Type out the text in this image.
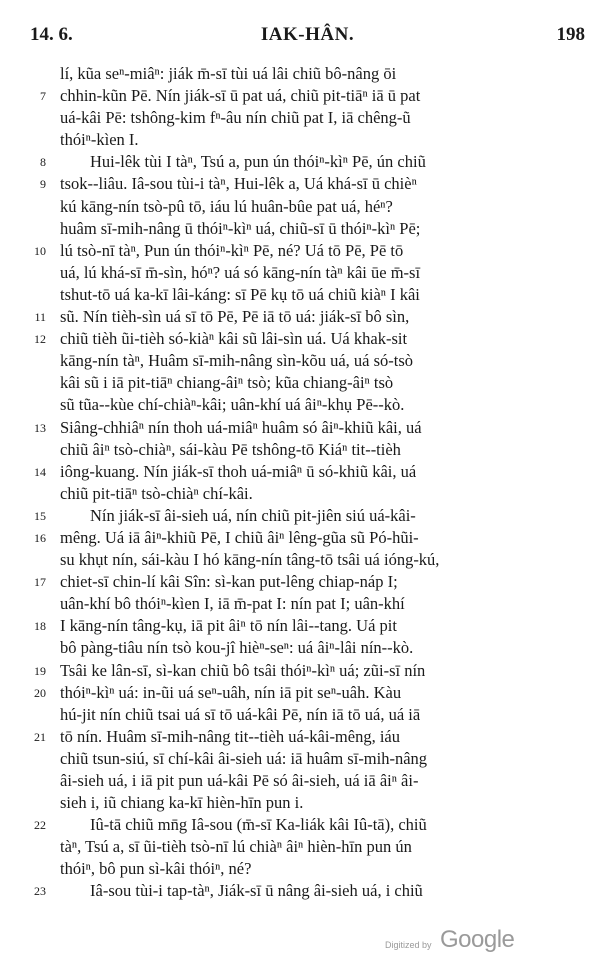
14. 6.	IAK-HÂN.	198
lí, kũa seⁿ-miâⁿ: jiák m̄-sī tùi uá lâi chiũ bô-nâng ōi
7 chhin-kũn Pē. Nín jiák-sī ū pat uá, chiũ pit-tiāⁿ iā ū pat
uá-kâi Pē: tshông-kim fⁿ-âu nín chiũ pat I, iā chêng-ũ
thóiⁿ-kìen I.
8	Hui-lêk tùi I tàⁿ, Tsú a, pun ún thóiⁿ-kìⁿ Pē, ún chiũ
9 tsok--liâu. Iâ-sou tùi-i tàⁿ, Hui-lêk a, Uá khá-sī ū chièⁿ
kú kāng-nín tsò-pû tō, iáu lú huân-bûe pat uá, héⁿ?
huâm sī-mih-nâng ū thóiⁿ-kìⁿ uá, chiũ-sī ū thóiⁿ-kìⁿ Pē;
10 lú tsò-nī tàⁿ, Pun ún thóiⁿ-kìⁿ Pē, né? Uá tō Pē, Pē tō
uá, lú khá-sī m̄-sìn, hóⁿ? uá só kāng-nín tàⁿ kâi ūe m̄-sī
tshut-tō uá ka-kī lâi-káng: sī Pē kụ tō uá chiũ kiàⁿ I kâi
11 sũ. Nín tièh-sìn uá sī tō Pē, Pē iā tō uá: jiák-sī bô sìn,
12 chiũ tièh ũi-tièh só-kiàⁿ kâi sũ lâi-sìn uá. Uá khak-sit
kāng-nín tàⁿ, Huâm sī-mih-nâng sìn-kõu uá, uá só-tsò
kâi sũ i iā pit-tiāⁿ chiang-âiⁿ tsò; kũa chiang-âiⁿ tsò
sũ tũa--kùe chí-chiàⁿ-kâi; uân-khí uá âiⁿ-khụ Pē--kò.
13 Siâng-chhiâⁿ nín thoh uá-miâⁿ huâm só âiⁿ-khiũ kâi, uá
chiũ âiⁿ tsò-chiàⁿ, sái-kàu Pē tshông-tō Kiáⁿ tit--tièh
14 iông-kuang. Nín jiák-sī thoh uá-miâⁿ ū só-khiũ kâi, uá
chiũ pit-tiāⁿ tsò-chiàⁿ chí-kâi.
15	Nín jiák-sī âi-sieh uá, nín chiũ pit-jiên siú uá-kâi-
16 mêng. Uá iā âiⁿ-khiũ Pē, I chiũ âiⁿ lêng-gũa sũ Pó-hũi-
su khụt nín, sái-kàu I hó kāng-nín tâng-tō tsâi uá ióng-kú,
17 chiet-sī chin-lí kâi Sîn: sì-kan put-lêng chiap-náp I;
uân-khí bô thóiⁿ-kìen I, iā m̄-pat I: nín pat I; uân-khí
18 I kāng-nín tâng-kụ, iā pit âiⁿ tō nín lâi--tang. Uá pit
bô pàng-tiâu nín tsò kou-jî hièⁿ-seⁿ: uá âiⁿ-lâi nín--kò.
19 Tsâi ke lân-sī, sì-kan chiũ bô tsâi thóiⁿ-kìⁿ uá; zũi-sī nín
20 thóiⁿ-kìⁿ uá: in-ũi uá seⁿ-uâh, nín iā pit seⁿ-uâh. Kàu
hú-jit nín chiũ tsai uá sī tō uá-kâi Pē, nín iā tō uá, uá iā
21 tō nín. Huâm sī-mih-nâng tit--tièh uá-kâi-mêng, iáu
chiũ tsun-siú, sī chí-kâi âi-sieh uá: iā huâm sī-mih-nâng
âi-sieh uá, i iā pit pun uá-kâi Pē só âi-sieh, uá iā âiⁿ âi-
sieh i, iũ chiang ka-kī hièn-hīn pun i.
22	Iû-tā chiũ mn̄g Iâ-sou (m̄-sī Ka-liák kâi Iû-tā), chiũ
tàⁿ, Tsú a, sī ũi-tièh tsò-nī lú chiàⁿ âiⁿ hièn-hīn pun ún
thóiⁿ, bô pun sì-kâi thóiⁿ, né?
23	Iâ-sou tùi-i tap-tàⁿ, Jiák-sī ū nâng âi-sieh uá, i chiũ
Digitized by Google
